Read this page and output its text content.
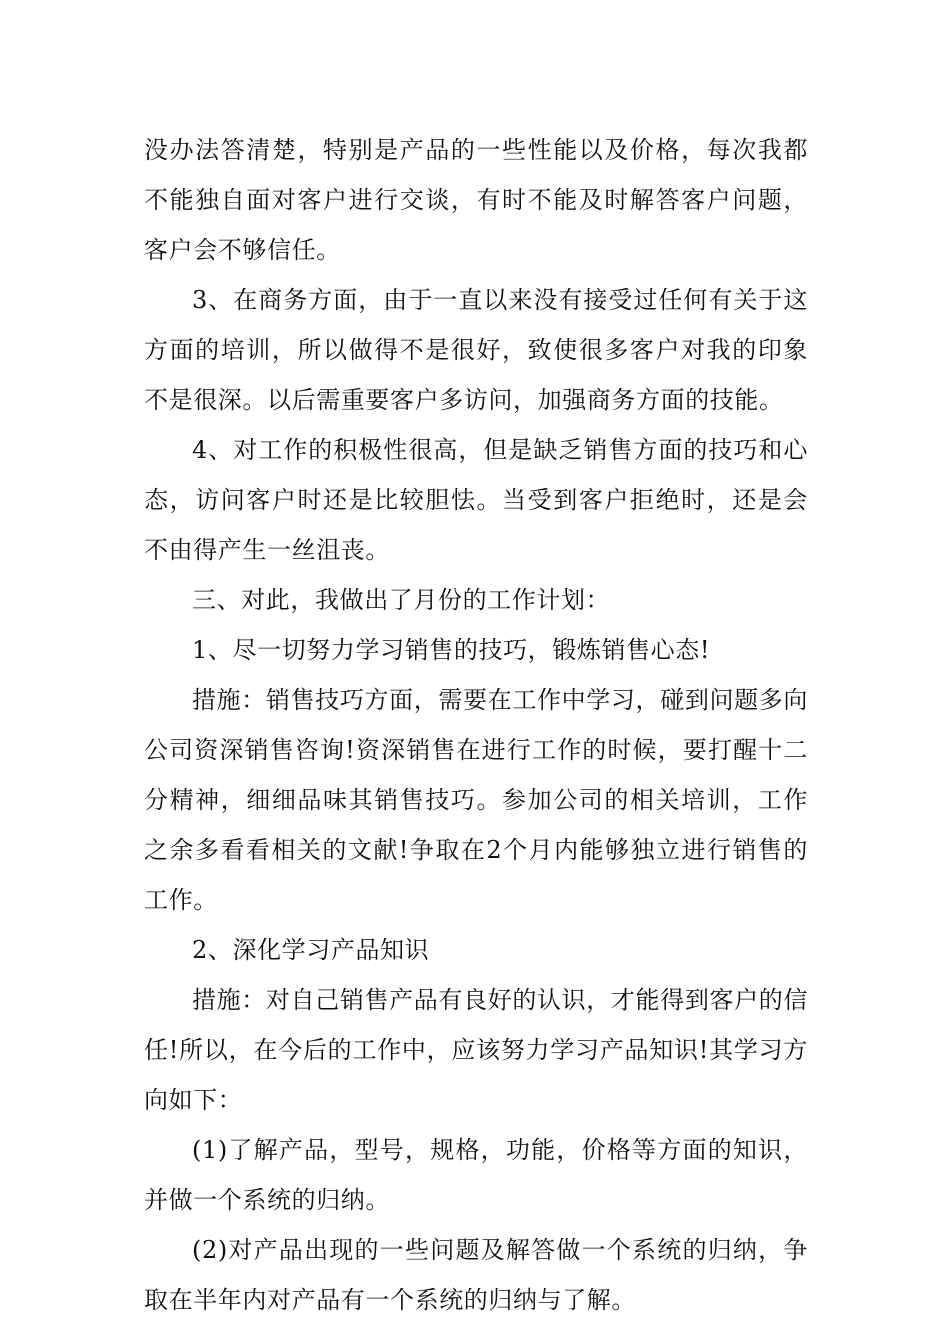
没办法答清楚，特别是产品的一些性能以及价格，每次我都不能独自面对客户进行交谈，有时不能及时解答客户问题，客户会不够信任。

3、在商务方面，由于一直以来没有接受过任何有关于这方面的培训，所以做得不是很好，致使很多客户对我的印象不是很深。以后需重要客户多访问，加强商务方面的技能。

4、对工作的积极性很高，但是缺乏销售方面的技巧和心态，访问客户时还是比较胆怯。当受到客户拒绝时，还是会不由得产生一丝沮丧。

三、对此，我做出了月份的工作计划：

1、尽一切努力学习销售的技巧，锻炼销售心态!

措施：销售技巧方面，需要在工作中学习，碰到问题多向公司资深销售咨询!资深销售在进行工作的时候，要打醒十二分精神，细细品味其销售技巧。参加公司的相关培训，工作之余多看看相关的文献!争取在2个月内能够独立进行销售的工作。

2、深化学习产品知识

措施：对自己销售产品有良好的认识，才能得到客户的信任!所以，在今后的工作中，应该努力学习产品知识!其学习方向如下：

(1)了解产品，型号，规格，功能，价格等方面的知识，并做一个系统的归纳。

(2)对产品出现的一些问题及解答做一个系统的归纳，争取在半年内对产品有一个系统的归纳与了解。
